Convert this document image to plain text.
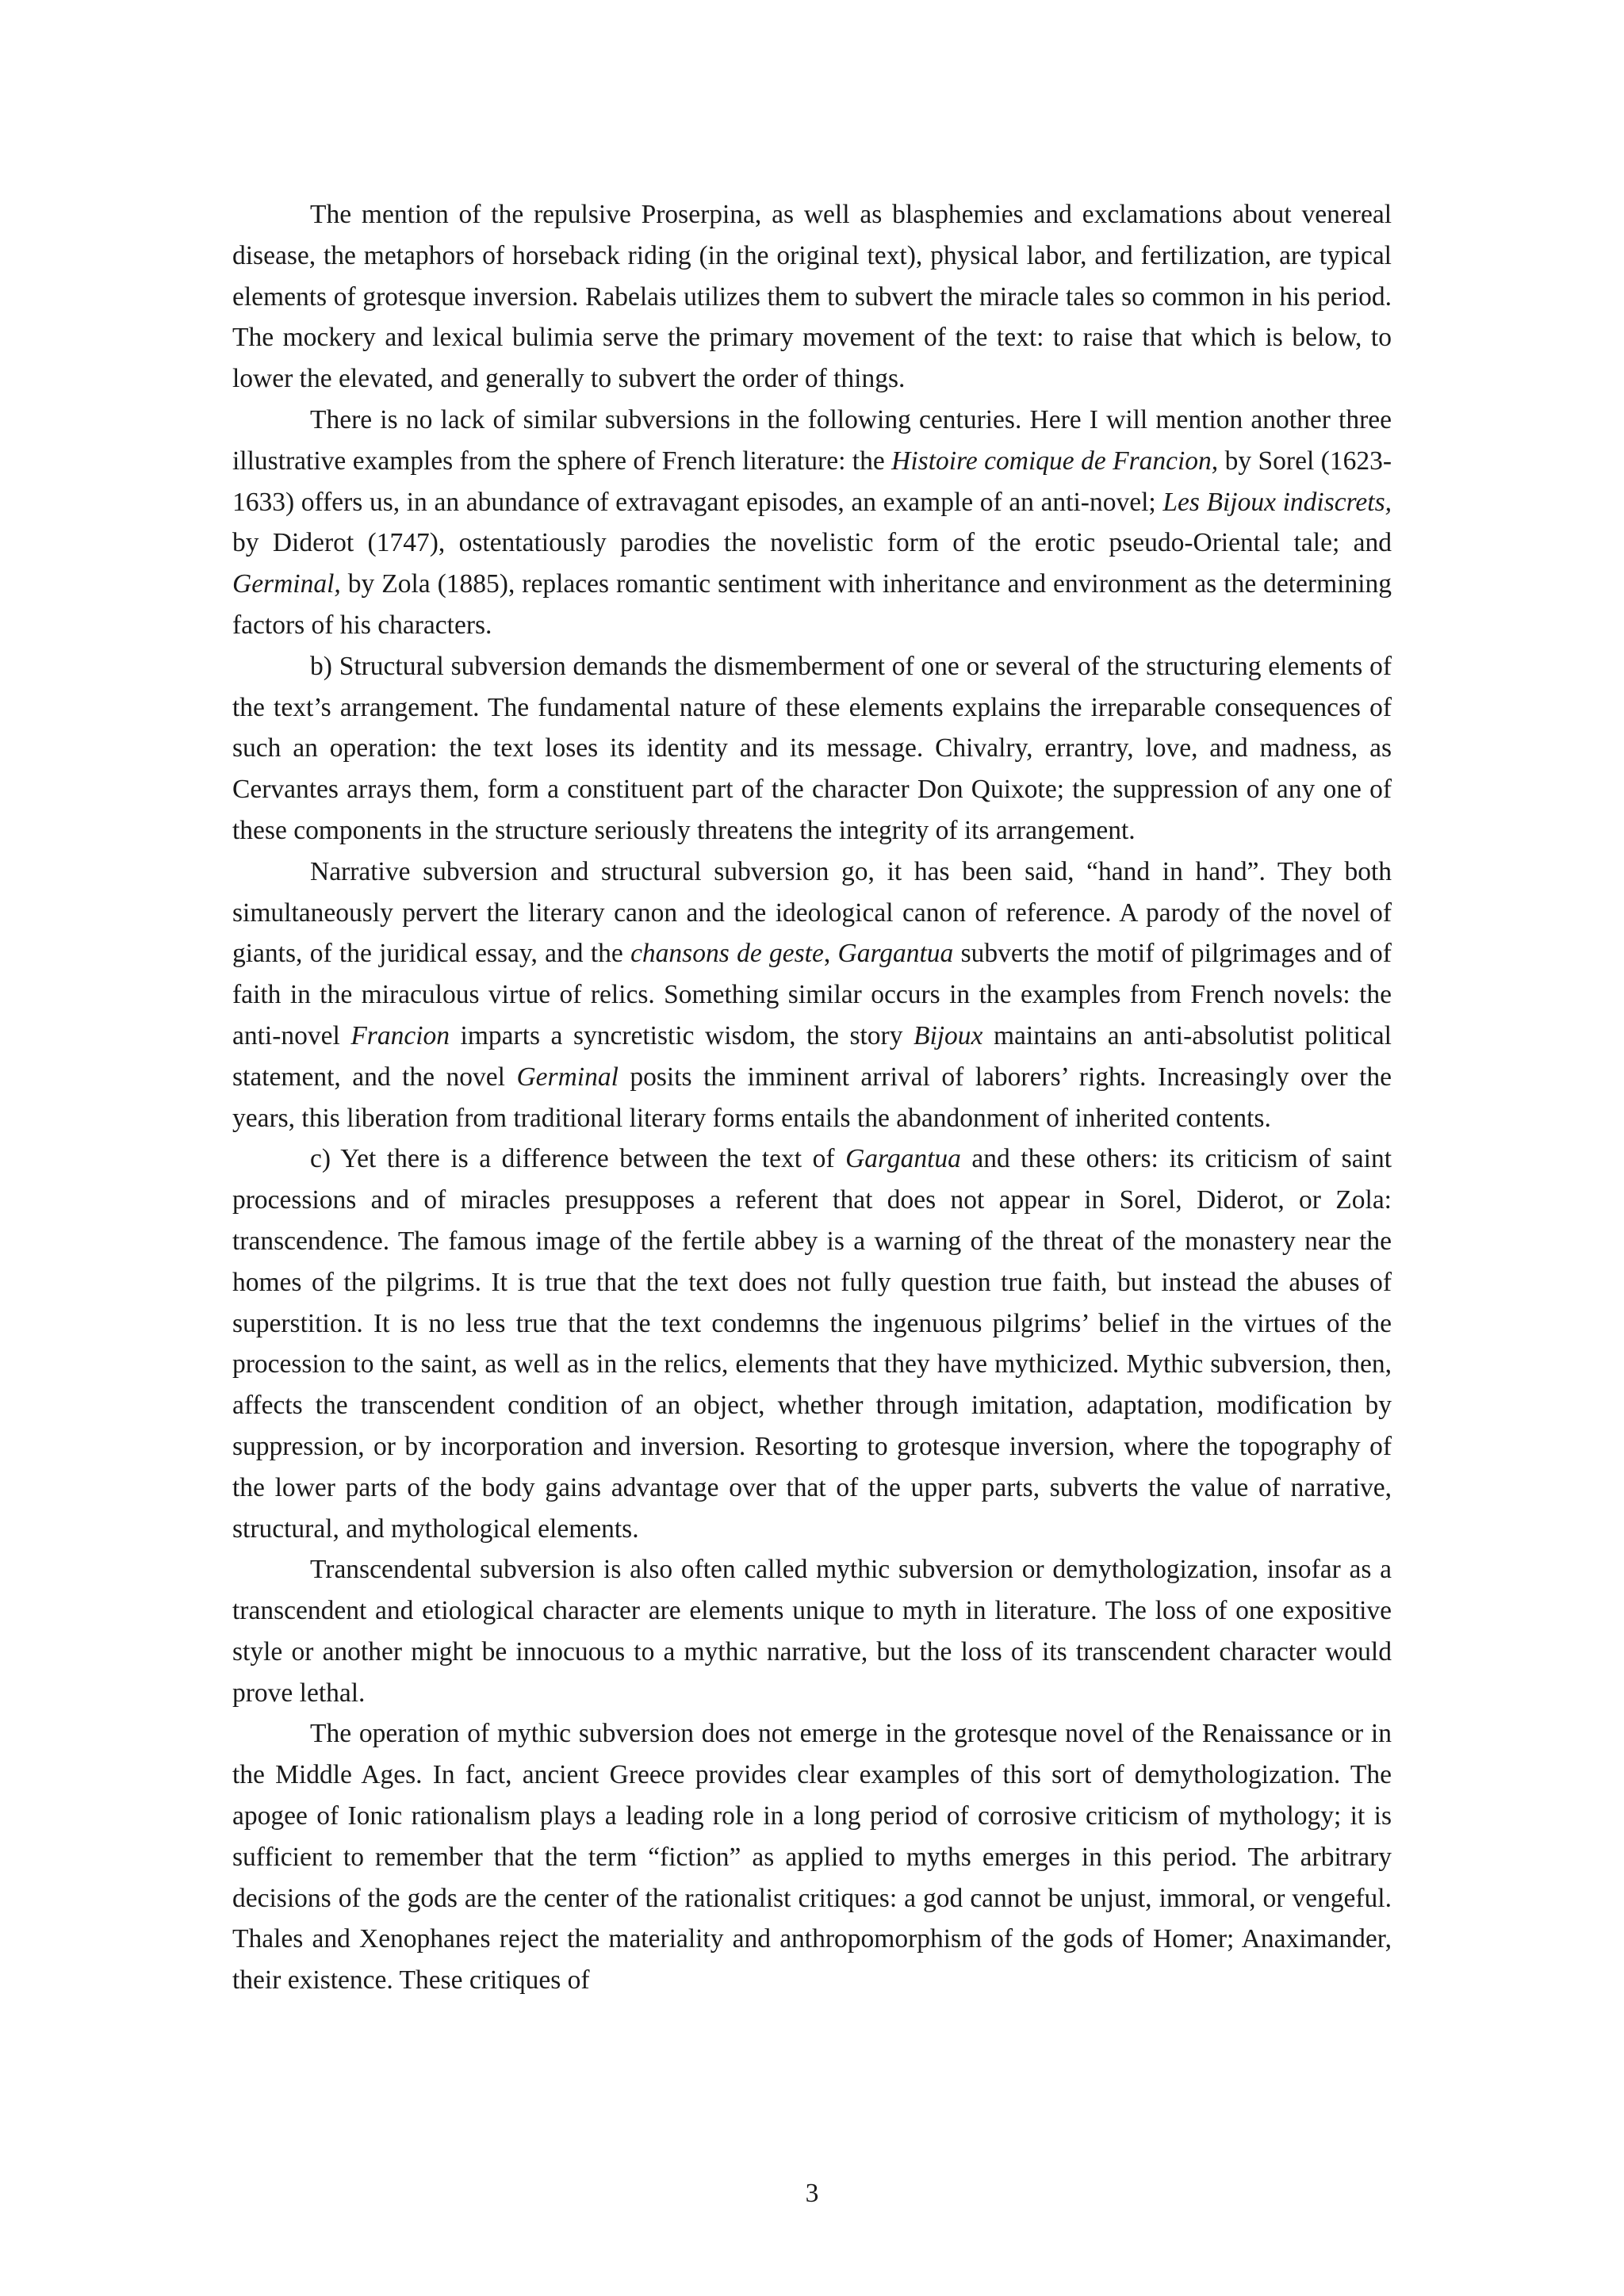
The mention of the repulsive Proserpina, as well as blasphemies and exclamations about venereal disease, the metaphors of horseback riding (in the original text), physical labor, and fertilization, are typical elements of grotesque inversion. Rabelais utilizes them to subvert the miracle tales so common in his period. The mockery and lexical bulimia serve the primary movement of the text: to raise that which is below, to lower the elevated, and generally to subvert the order of things.

There is no lack of similar subversions in the following centuries. Here I will mention another three illustrative examples from the sphere of French literature: the Histoire comique de Francion, by Sorel (1623-1633) offers us, in an abundance of extravagant episodes, an example of an anti-novel; Les Bijoux indiscrets, by Diderot (1747), ostentatiously parodies the novelistic form of the erotic pseudo-Oriental tale; and Germinal, by Zola (1885), replaces romantic sentiment with inheritance and environment as the determining factors of his characters.

b) Structural subversion demands the dismemberment of one or several of the structuring elements of the text’s arrangement. The fundamental nature of these elements explains the irreparable consequences of such an operation: the text loses its identity and its message. Chivalry, errantry, love, and madness, as Cervantes arrays them, form a constituent part of the character Don Quixote; the suppression of any one of these components in the structure seriously threatens the integrity of its arrangement.

Narrative subversion and structural subversion go, it has been said, “hand in hand”. They both simultaneously pervert the literary canon and the ideological canon of reference. A parody of the novel of giants, of the juridical essay, and the chansons de geste, Gargantua subverts the motif of pilgrimages and of faith in the miraculous virtue of relics. Something similar occurs in the examples from French novels: the anti-novel Francion imparts a syncretistic wisdom, the story Bijoux maintains an anti-absolutist political statement, and the novel Germinal posits the imminent arrival of laborers’ rights. Increasingly over the years, this liberation from traditional literary forms entails the abandonment of inherited contents.

c) Yet there is a difference between the text of Gargantua and these others: its criticism of saint processions and of miracles presupposes a referent that does not appear in Sorel, Diderot, or Zola: transcendence. The famous image of the fertile abbey is a warning of the threat of the monastery near the homes of the pilgrims. It is true that the text does not fully question true faith, but instead the abuses of superstition. It is no less true that the text condemns the ingenuous pilgrims’ belief in the virtues of the procession to the saint, as well as in the relics, elements that they have mythicized. Mythic subversion, then, affects the transcendent condition of an object, whether through imitation, adaptation, modification by suppression, or by incorporation and inversion. Resorting to grotesque inversion, where the topography of the lower parts of the body gains advantage over that of the upper parts, subverts the value of narrative, structural, and mythological elements.

Transcendental subversion is also often called mythic subversion or demythologization, insofar as a transcendent and etiological character are elements unique to myth in literature. The loss of one expositive style or another might be innocuous to a mythic narrative, but the loss of its transcendent character would prove lethal.

The operation of mythic subversion does not emerge in the grotesque novel of the Renaissance or in the Middle Ages. In fact, ancient Greece provides clear examples of this sort of demythologization. The apogee of Ionic rationalism plays a leading role in a long period of corrosive criticism of mythology; it is sufficient to remember that the term “fiction” as applied to myths emerges in this period. The arbitrary decisions of the gods are the center of the rationalist critiques: a god cannot be unjust, immoral, or vengeful. Thales and Xenophanes reject the materiality and anthropomorphism of the gods of Homer; Anaximander, their existence. These critiques of

3
